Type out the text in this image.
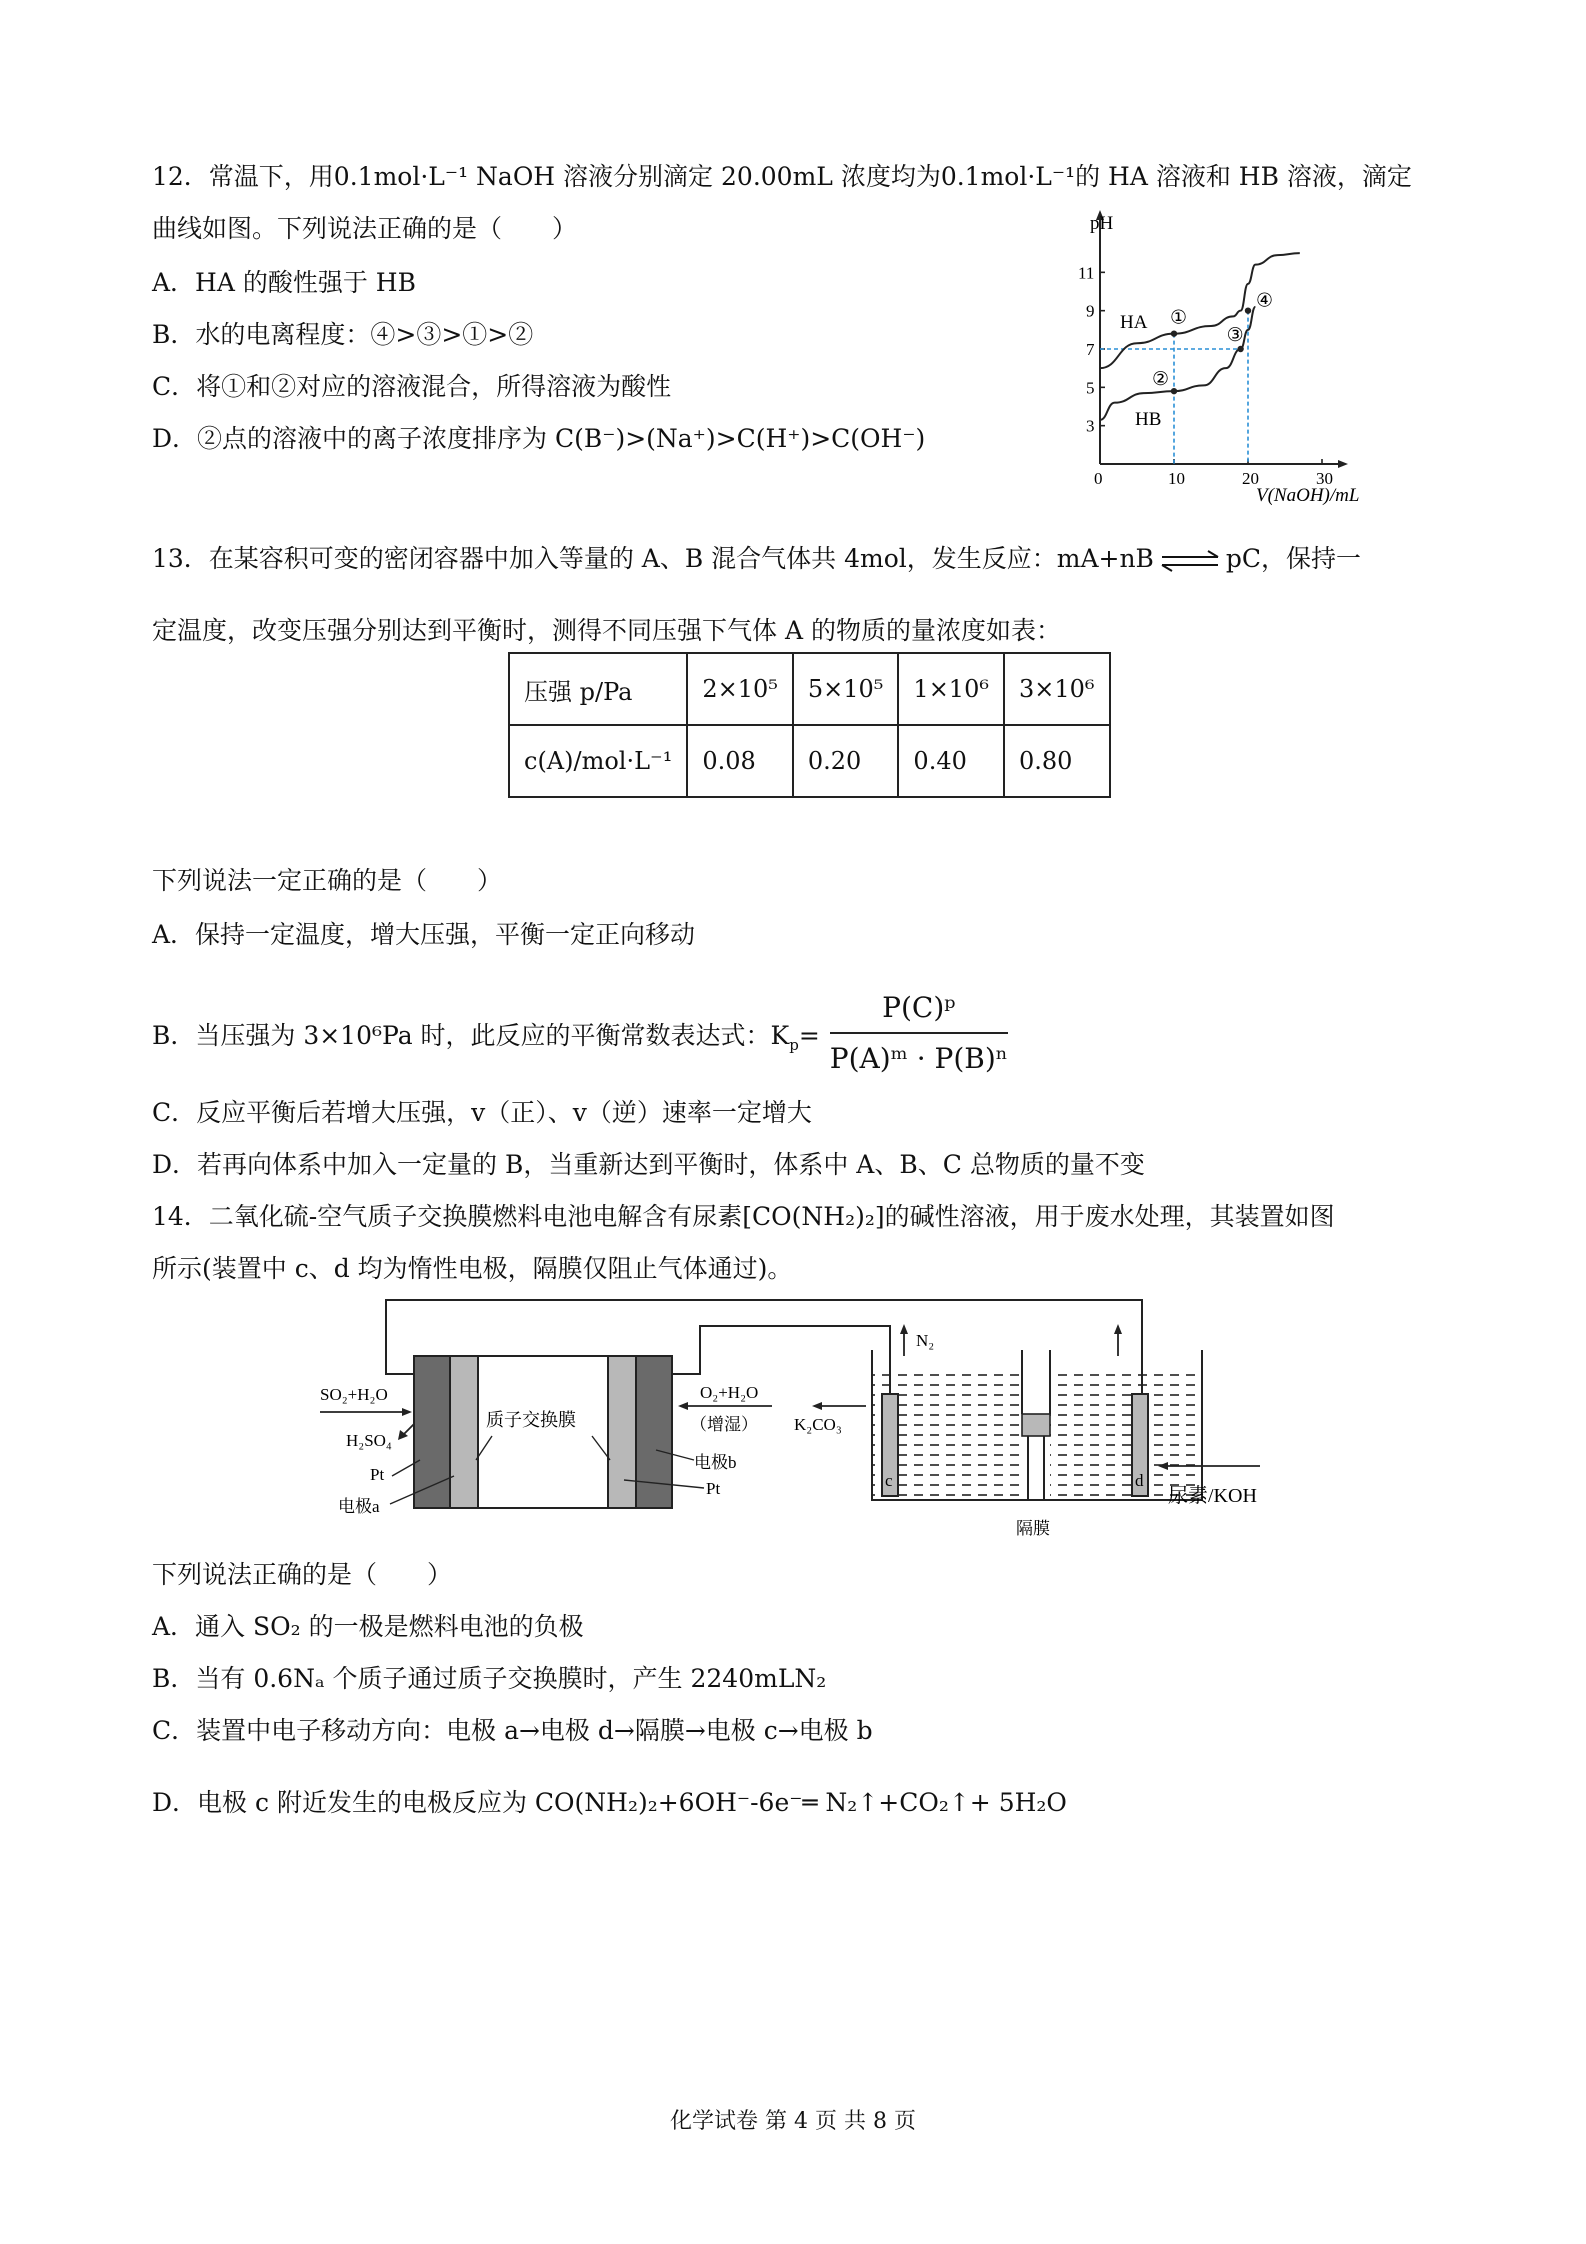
12．常温下，用0.1mol·L⁻¹ NaOH 溶液分别滴定 20.00mL 浓度均为0.1mol·L⁻¹的 HA 溶液和 HB 溶液，滴定
曲线如图。下列说法正确的是（　　）
A．HA 的酸性强于 HB
B．水的电离程度：④>③>①>②
C．将①和②对应的溶液混合，所得溶液为酸性
D．②点的溶液中的离子浓度排序为 C(B⁻)>(Na⁺)>C(H⁺)>C(OH⁻)
0	10	20	30
3
5
7
9
11
①
②
③
④
pH
V(NaOH)/mL
HA
HB
13．在某容积可变的密闭容器中加入等量的 A、B 混合气体共 4mol，发生反应：mA+nB ⇌ pC，保持一
定温度，改变压强分别达到平衡时，测得不同压强下气体 A 的物质的量浓度如表：
压强 p/Pa	2×10⁵	5×10⁵	1×10⁶	3×10⁶
c(A)/mol·L⁻¹	0.08	0.20	0.40	0.80
下列说法一定正确的是（　　）
A．保持一定温度，增大压强，平衡一定正向移动
B．当压强为 3×10⁶Pa 时，此反应的平衡常数表达式：$K_p= \frac{\text{P(C)ᵖ}}{\text{P(A)ᵐ · P(B)ⁿ}}$
C．反应平衡后若增大压强，v（正）、v（逆）速率一定增大
D．若再向体系中加入一定量的 B，当重新达到平衡时，体系中 A、B、C 总物质的量不变
14．二氧化硫-空气质子交换膜燃料电池电解含有尿素[CO(NH₂)₂]的碱性溶液，用于废水处理，其装置如图
所示(装置中 c、d 均为惰性电极，隔膜仅阻止气体通过)。
SO₂+H₂O
H₂SO₄
Pt
电极a
质子交换膜
O₂+H₂O
（增湿）
电极b
Pt	c	d
N₂
K₂CO₃
尿素/KOH
隔膜
下列说法正确的是（　　）
A．通入 SO₂ 的一极是燃料电池的负极
B．当有 0.6Nₐ 个质子通过质子交换膜时，产生 2240mLN₂
C．装置中电子移动方向：电极 a→电极 d→隔膜→电极 c→电极 b
D．电极 c 附近发生的电极反应为 CO(NH₂)₂+6OH⁻-6e⁻═ N₂↑+CO₂↑+ 5H₂O
化学试卷 第 4 页 共 8 页
